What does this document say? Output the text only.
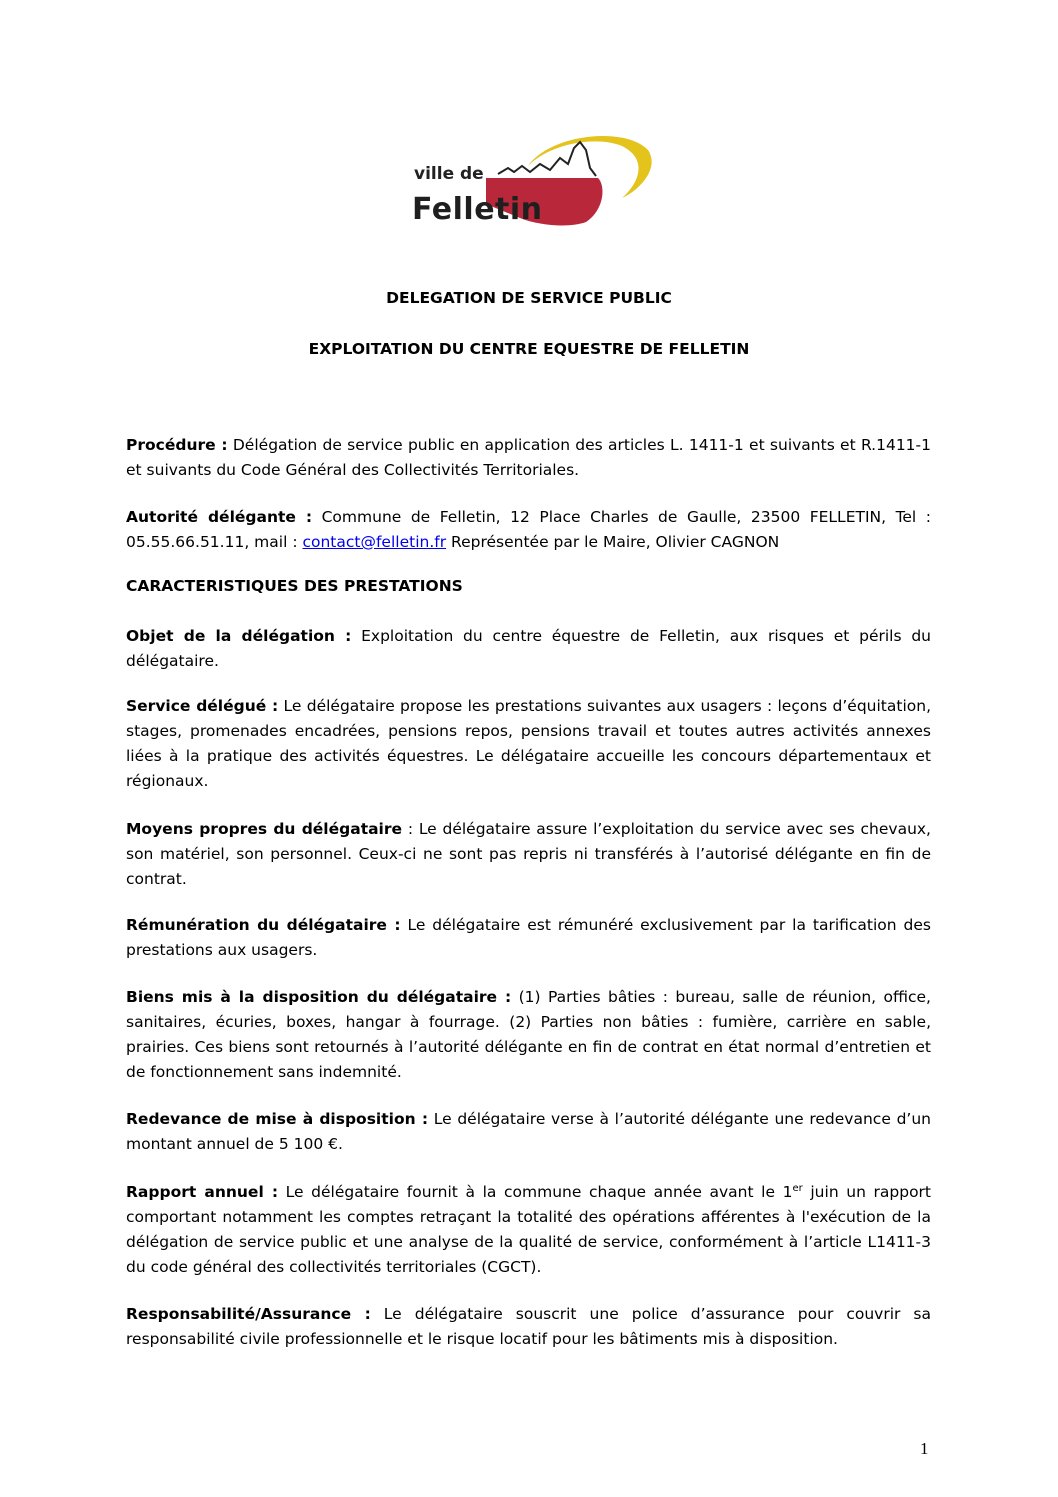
ville de
Felletin
DELEGATION DE SERVICE PUBLIC
EXPLOITATION DU CENTRE EQUESTRE DE FELLETIN
Procédure : Délégation de service public en application des articles L. 1411-1 et suivants et R.1411-1 et suivants du Code Général des Collectivités Territoriales.
Autorité délégante : Commune de Felletin, 12 Place Charles de Gaulle, 23500 FELLETIN, Tel : 05.55.66.51.11, mail : contact@felletin.fr Représentée par le Maire, Olivier CAGNON
CARACTERISTIQUES DES PRESTATIONS
Objet de la délégation : Exploitation du centre équestre de Felletin, aux risques et périls du délégataire.
Service délégué : Le délégataire propose les prestations suivantes aux usagers : leçons d’équitation, stages, promenades encadrées, pensions repos, pensions travail et toutes autres activités annexes liées à la pratique des activités équestres. Le délégataire accueille les concours départementaux et régionaux.
Moyens propres du délégataire : Le délégataire assure l’exploitation du service avec ses chevaux, son matériel, son personnel. Ceux-ci ne sont pas repris ni transférés à l’autorisé délégante en fin de contrat.
Rémunération du délégataire : Le délégataire est rémunéré exclusivement par la tarification des prestations aux usagers.
Biens mis à la disposition du délégataire : (1) Parties bâties : bureau, salle de réunion, office, sanitaires, écuries, boxes, hangar à fourrage. (2) Parties non bâties : fumière, carrière en sable, prairies. Ces biens sont retournés à l’autorité délégante en fin de contrat en état normal d’entretien et de fonctionnement sans indemnité.
Redevance de mise à disposition : Le délégataire verse à l’autorité délégante une redevance d’un montant annuel de 5 100 €.
Rapport annuel : Le délégataire fournit à la commune chaque année avant le 1er juin un rapport comportant notamment les comptes retraçant la totalité des opérations afférentes à l'exécution de la délégation de service public et une analyse de la qualité de service, conformément à l’article L1411-3 du code général des collectivités territoriales (CGCT).
Responsabilité/Assurance : Le délégataire souscrit une police d’assurance pour couvrir sa responsabilité civile professionnelle et le risque locatif pour les bâtiments mis à disposition.
1
